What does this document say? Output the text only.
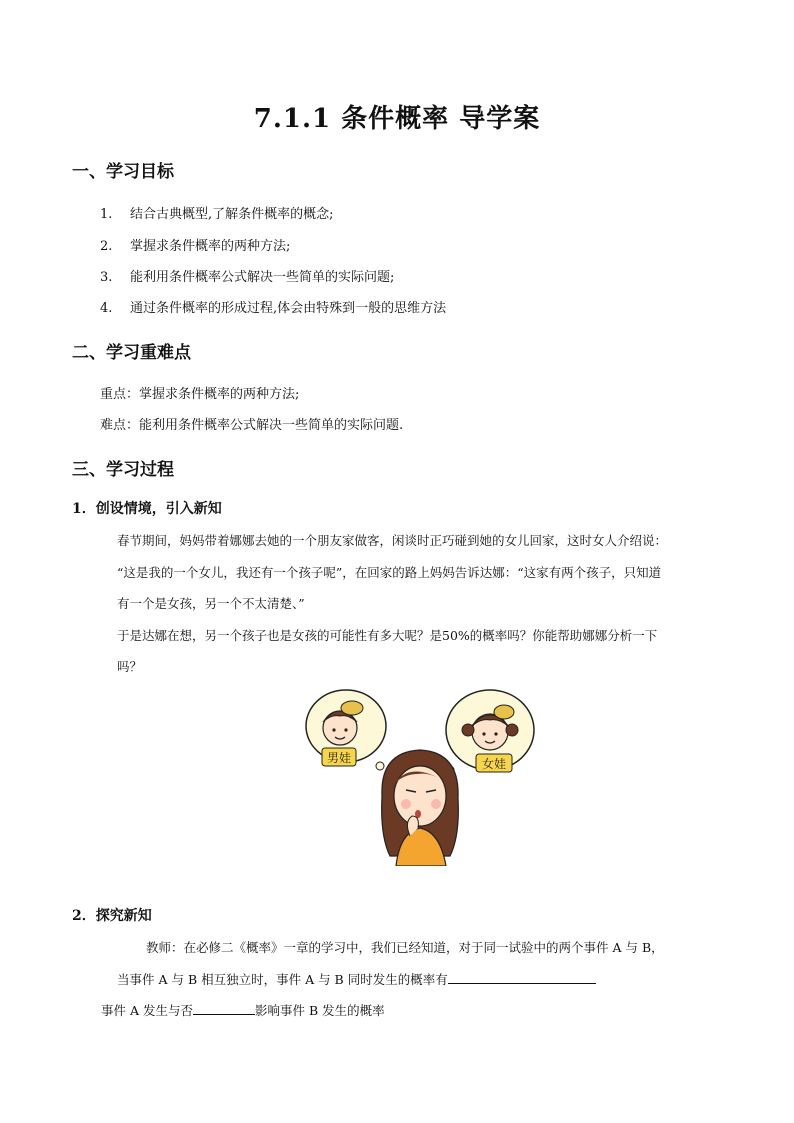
7.1.1 条件概率 导学案
一、学习目标
1. 结合古典概型,了解条件概率的概念;
2. 掌握求条件概率的两种方法;
3. 能利用条件概率公式解决一些简单的实际问题;
4. 通过条件概率的形成过程,体会由特殊到一般的思维方法
二、学习重难点
重点：掌握求条件概率的两种方法;
难点：能利用条件概率公式解决一些简单的实际问题.
三、学习过程
1．创设情境，引入新知
春节期间，妈妈带着娜娜去她的一个朋友家做客，闲谈时正巧碰到她的女儿回家，这时女人介绍说：
“这是我的一个女儿，我还有一个孩子呢”，在回家的路上妈妈告诉达娜：“这家有两个孩子，只知道
有一个是女孩，另一个不太清楚、”
于是达娜在想，另一个孩子也是女孩的可能性有多大呢？是50%的概率吗？你能帮助娜娜分析一下
吗？
男娃	女娃
2．探究新知
教师：在必修二《概率》一章的学习中，我们已经知道，对于同一试验中的两个事件 A 与 B，
当事件 A 与 B 相互独立时，事件 A 与 B 同时发生的概率有
事件 A 发生与否	影响事件 B 发生的概率
